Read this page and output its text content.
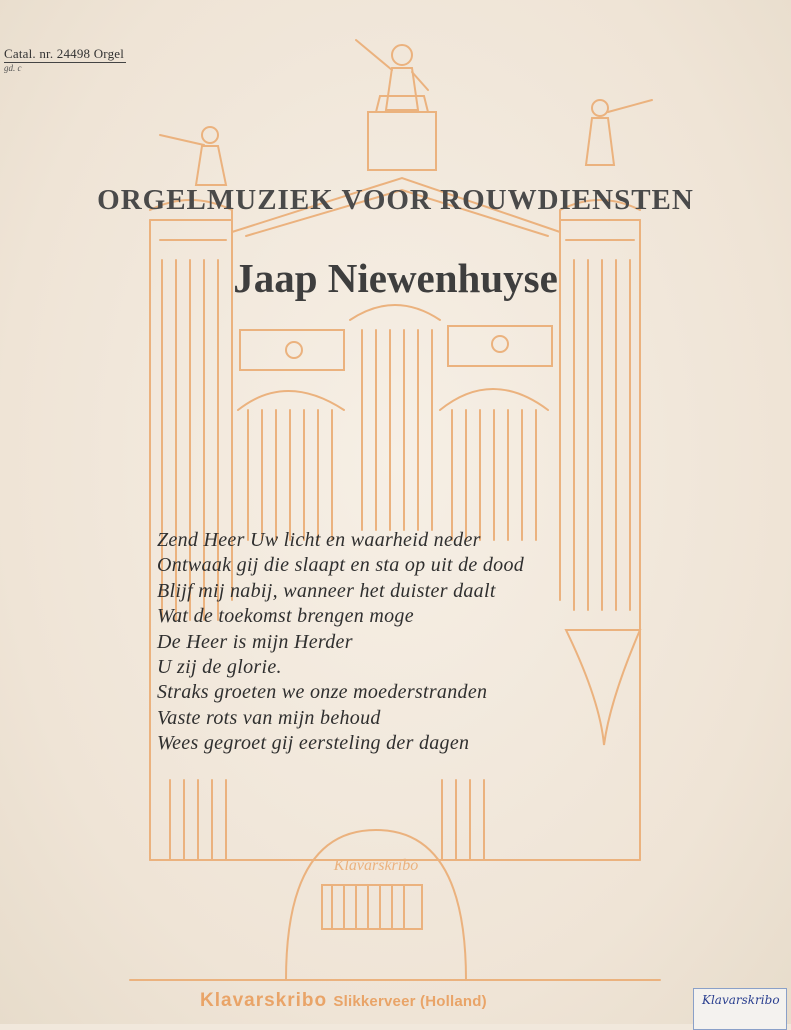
Klavarskribo
Catal. nr. 24498 Orgel
gd. c
ORGELMUZIEK VOOR ROUWDIENSTEN
Jaap Niewenhuyse
Zend Heer Uw licht en waarheid neder
Ontwaak gij die slaapt en sta op uit de dood
Blijf mij nabij, wanneer het duister daalt
Wat de toekomst brengen moge
De Heer is mijn Herder
U zij de glorie.
Straks groeten we onze moederstranden
Vaste rots van mijn behoud
Wees gegroet gij eersteling der dagen
Klavarskribo Slikkerveer (Holland)	Klavarskribo
